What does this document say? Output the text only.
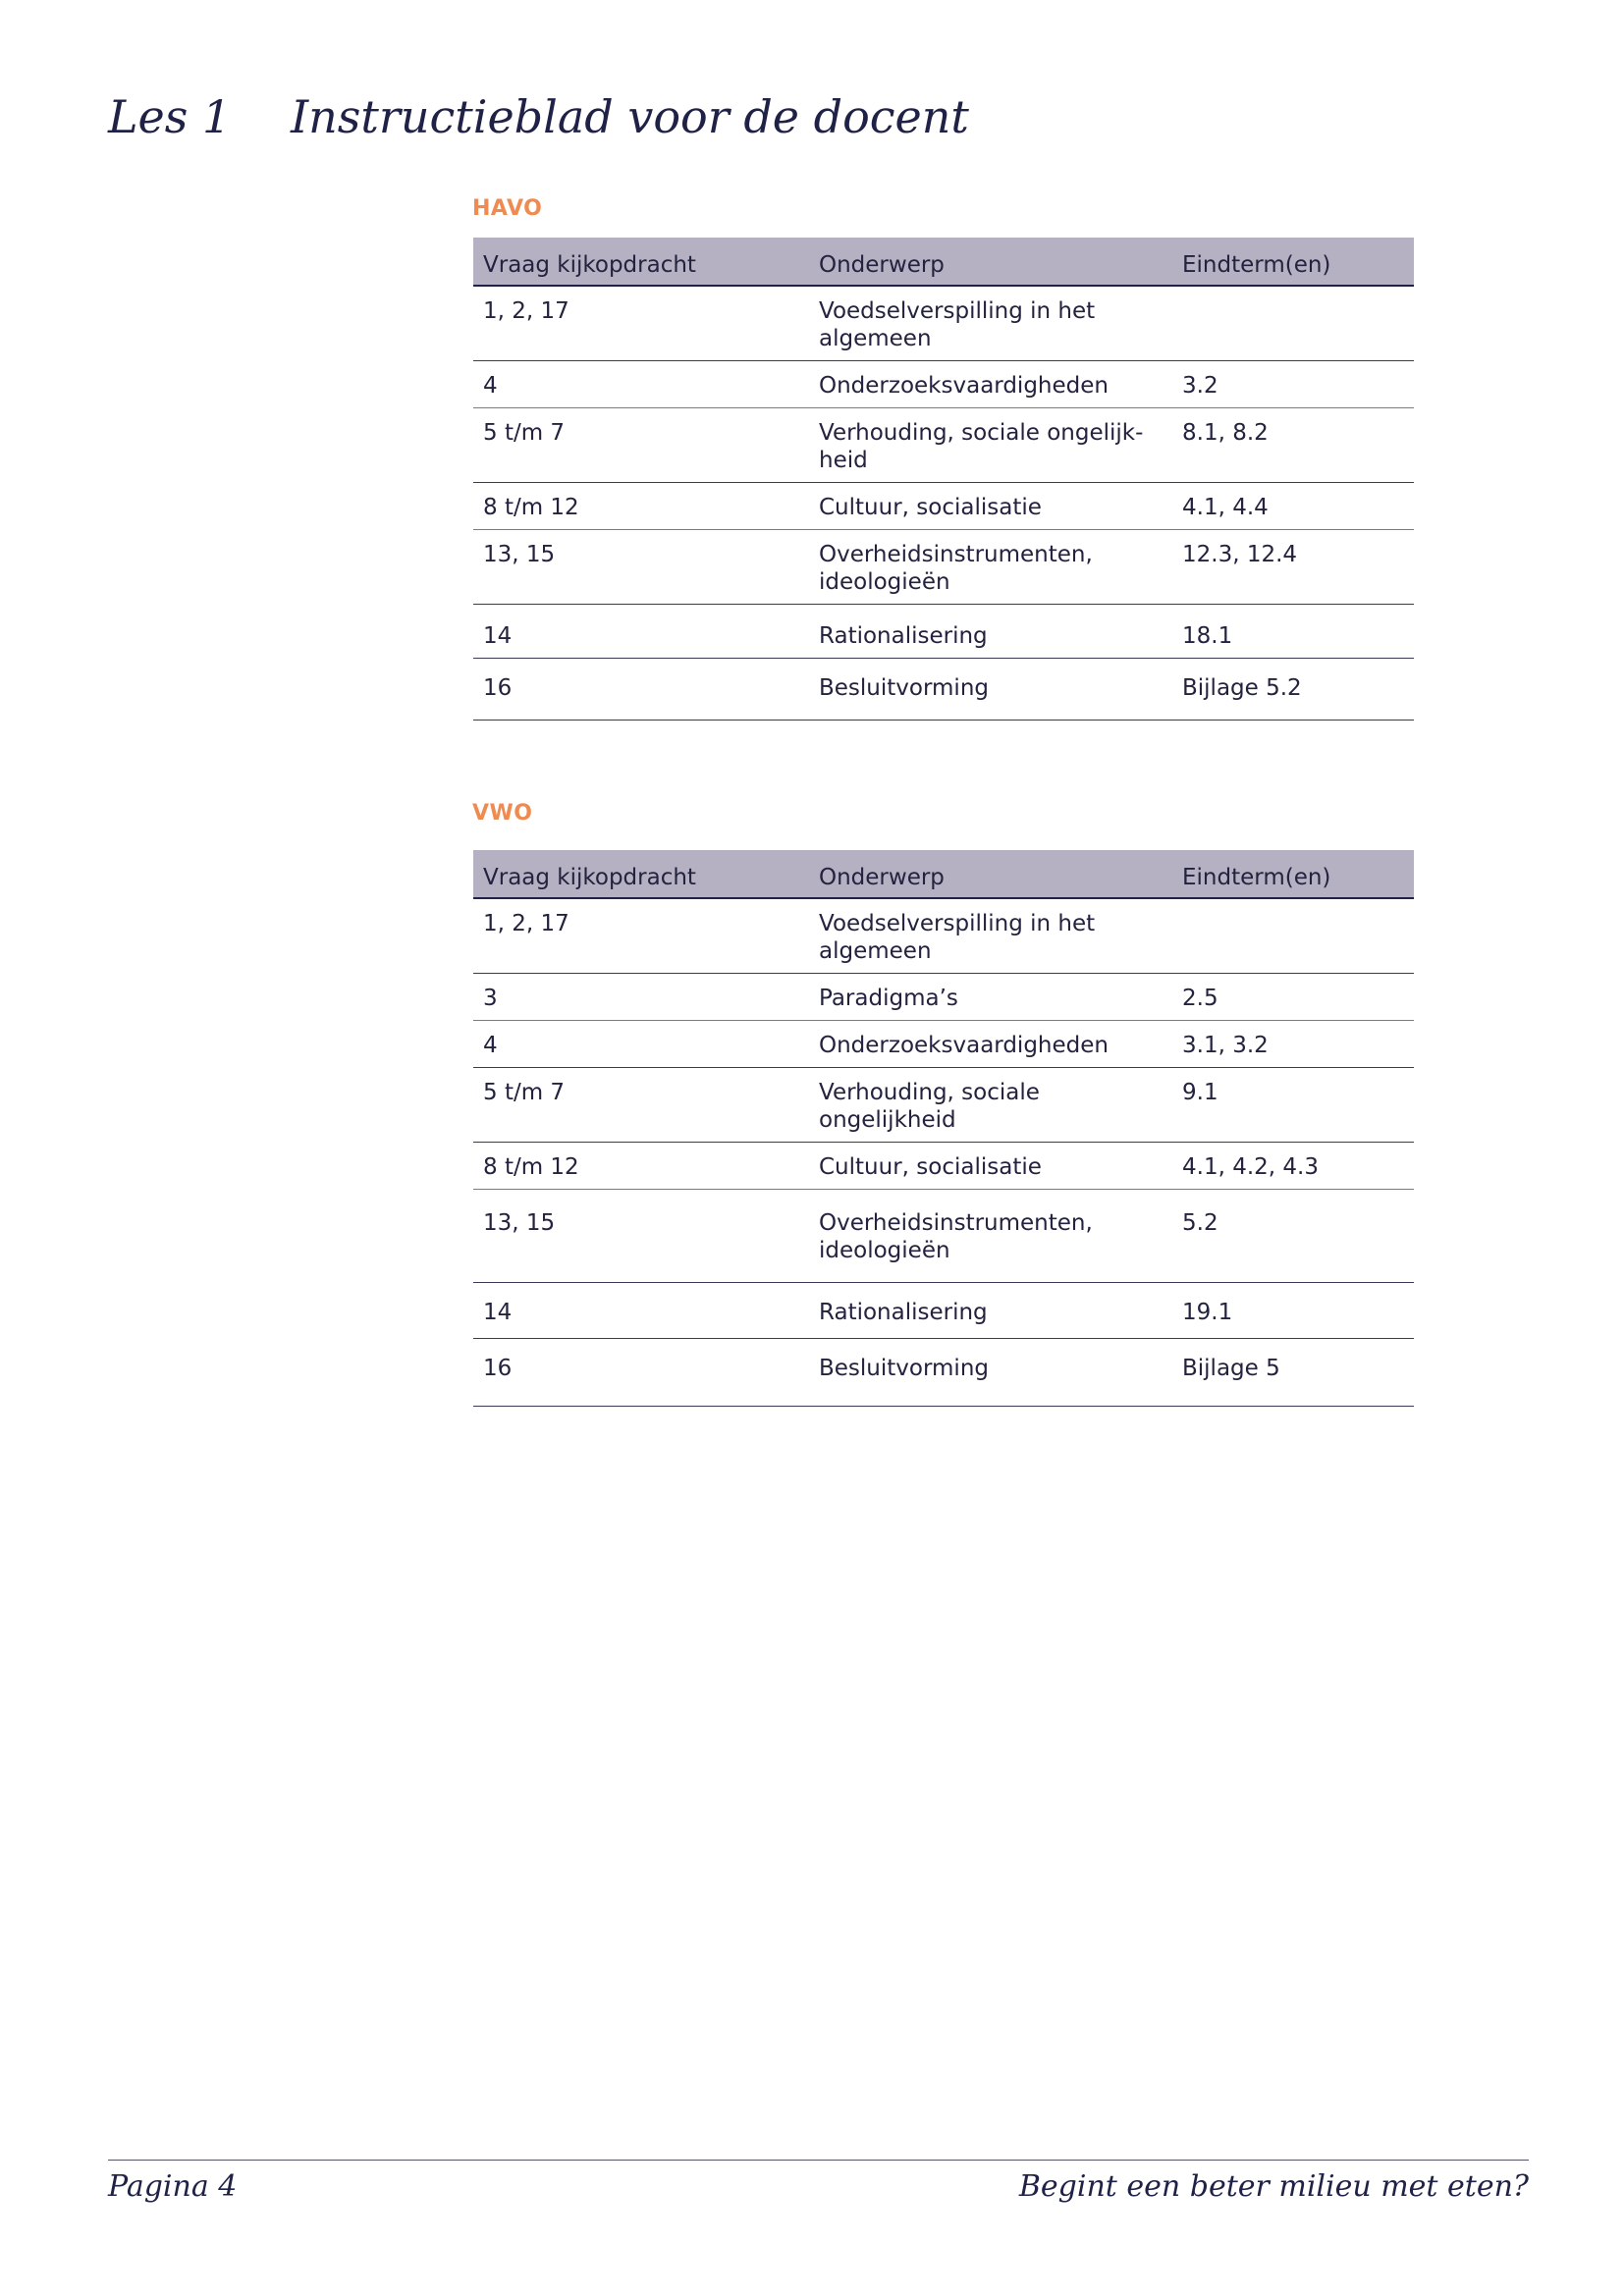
Les 1 Instructieblad voor de docent
HAVO
Vraag kijkopdracht	Onderwerp	Eindterm(en)
1, 2, 17	Voedselverspilling in het algemeen	
4	Onderzoeksvaardigheden	3.2
5 t/m 7	Verhouding, sociale ongelijk-heid	8.1, 8.2
8 t/m 12	Cultuur, socialisatie	4.1, 4.4
13, 15	Overheidsinstrumenten, ideologieën	12.3, 12.4
14	Rationalisering	18.1
16	Besluitvorming	Bijlage 5.2
VWO
Vraag kijkopdracht	Onderwerp	Eindterm(en)
1, 2, 17	Voedselverspilling in het algemeen	
3	Paradigma’s	2.5
4	Onderzoeksvaardigheden	3.1, 3.2
5 t/m 7	Verhouding, sociale ongelijkheid	9.1
8 t/m 12	Cultuur, socialisatie	4.1, 4.2, 4.3
13, 15	Overheidsinstrumenten, ideologieën	5.2
14	Rationalisering	19.1
16	Besluitvorming	Bijlage 5
Pagina 4	Begint een beter milieu met eten?
